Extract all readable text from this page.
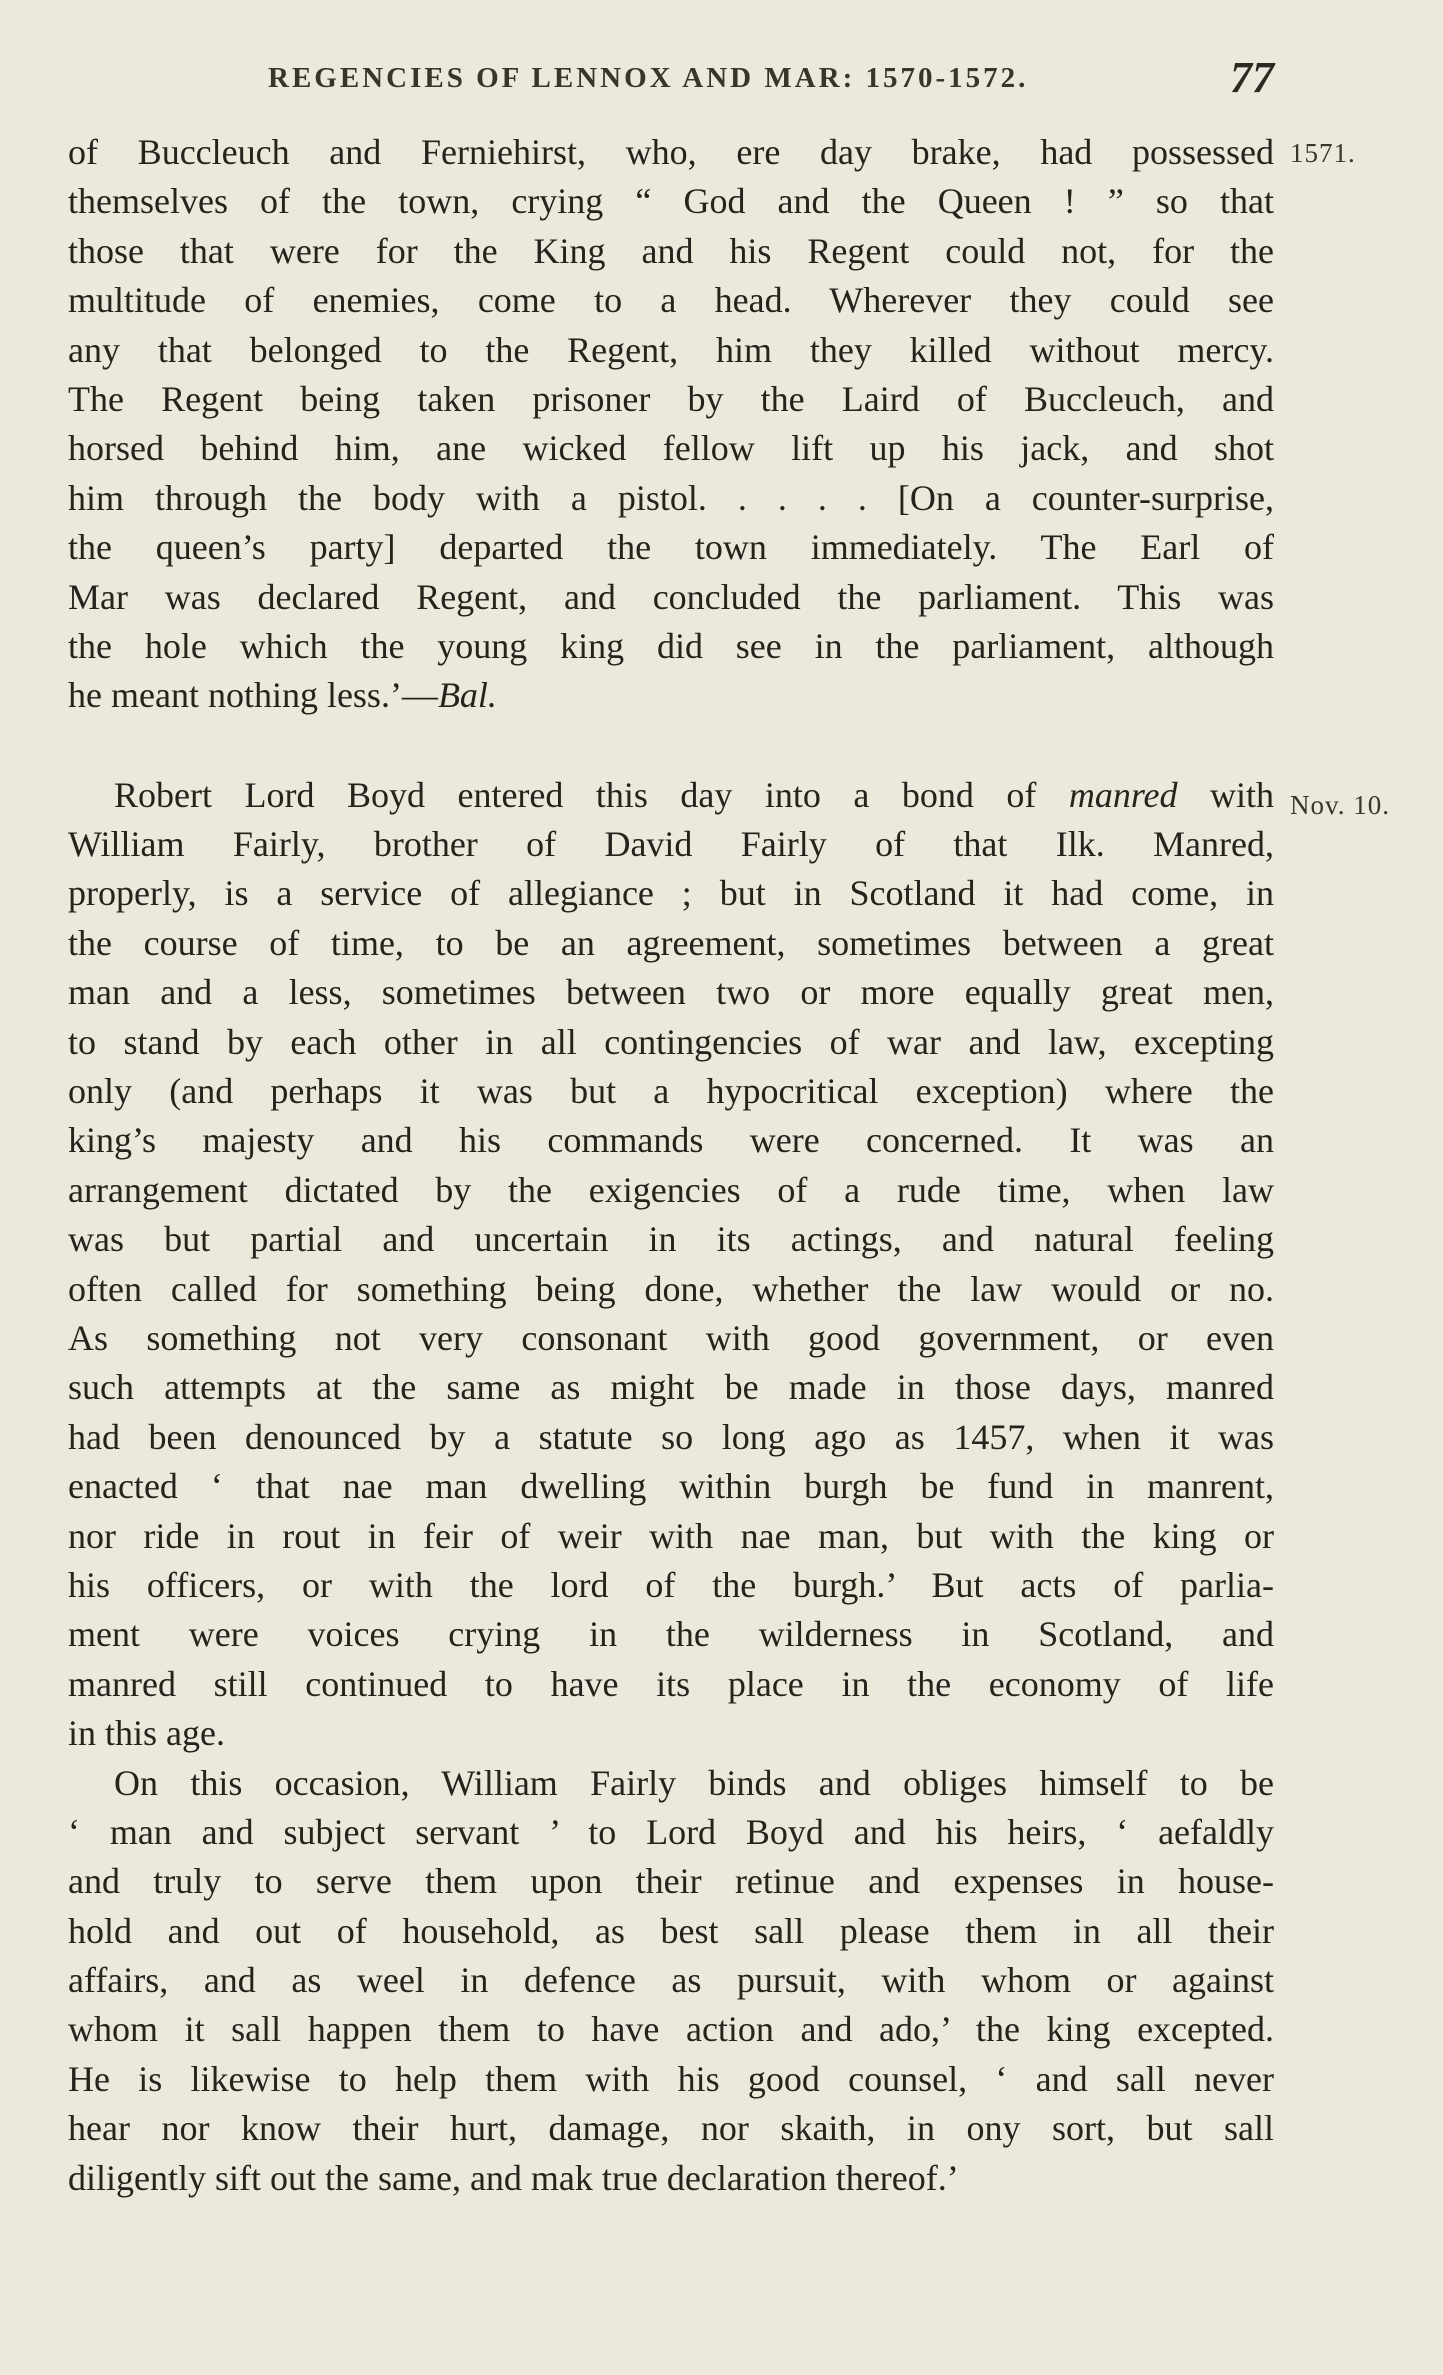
REGENCIES OF LENNOX AND MAR: 1570-1572.	77
1571.
Nov. 10.
of Buccleuch and Ferniehirst, who, ere day brake, had possessed
themselves of the town, crying “ God and the Queen ! ” so that
those that were for the King and his Regent could not, for the
multitude of enemies, come to a head. Wherever they could see
any that belonged to the Regent, him they killed without mercy.
The Regent being taken prisoner by the Laird of Buccleuch, and
horsed behind him, ane wicked fellow lift up his jack, and shot
him through the body with a pistol. . . . . [On a counter-surprise,
the queen’s party] departed the town immediately. The Earl of
Mar was declared Regent, and concluded the parliament. This was
the hole which the young king did see in the parliament, although
he meant nothing less.’—Bal.
Robert Lord Boyd entered this day into a bond of manred with
William Fairly, brother of David Fairly of that Ilk. Manred,
properly, is a service of allegiance ; but in Scotland it had come, in
the course of time, to be an agreement, sometimes between a great
man and a less, sometimes between two or more equally great men,
to stand by each other in all contingencies of war and law, excepting
only (and perhaps it was but a hypocritical exception) where the
king’s majesty and his commands were concerned. It was an
arrangement dictated by the exigencies of a rude time, when law
was but partial and uncertain in its actings, and natural feeling
often called for something being done, whether the law would or no.
As something not very consonant with good government, or even
such attempts at the same as might be made in those days, manred
had been denounced by a statute so long ago as 1457, when it was
enacted ‘ that nae man dwelling within burgh be fund in manrent,
nor ride in rout in feir of weir with nae man, but with the king or
his officers, or with the lord of the burgh.’ But acts of parlia-
ment were voices crying in the wilderness in Scotland, and
manred still continued to have its place in the economy of life
in this age.
On this occasion, William Fairly binds and obliges himself to be
‘ man and subject servant ’ to Lord Boyd and his heirs, ‘ aefaldly
and truly to serve them upon their retinue and expenses in house-
hold and out of household, as best sall please them in all their
affairs, and as weel in defence as pursuit, with whom or against
whom it sall happen them to have action and ado,’ the king excepted.
He is likewise to help them with his good counsel, ‘ and sall never
hear nor know their hurt, damage, nor skaith, in ony sort, but sall
diligently sift out the same, and mak true declaration thereof.’
